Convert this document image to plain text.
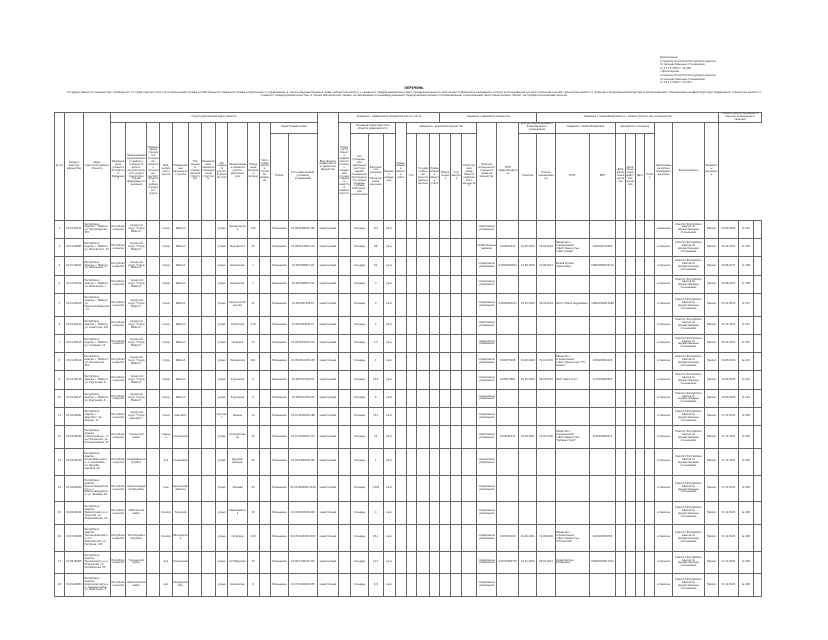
Приложение
к приказу Комитета Республики Адыгея
по имущественным отношениям
от 27.12.2023 г. № 450
«Приложение
к приказу Комитета Республики Адыгея
по имущественным отношениям
от 25.11.2019 г. № 347»
ПЕРЕЧЕНЬ
государственного имущества, свободного от прав третьих лиц (за исключением права хозяйственного ведения, права оперативного управления, а также имущественных прав субъектов малого и среднего предпринимательства), предназначенного для предоставления во владение и (или) в пользование на долгосрочной основе субъектам малого и среднего предпринимательства и организациям, образующим инфраструктуру поддержки субъектов малого и среднего предпринимательства, а также физическим лицам, не являющимся индивидуальными предпринимателями и применяющим специальный налоговый режим «Налог на профессиональный доход»
№ п/п	Номер в реестре имущества	Адрес (местоположение) объекта	Структурированный адрес объекта													Вид объекта недвижимости; движимое имущество	Сведения о недвижимом имуществе или его части								Сведения о движимом имуществе						Сведения о правообладателях и о правах третьих лиц на имущество										Указать одно из значений: в перечне (изменениях в перечни)		
			Наименование субъекта Российской Федерации	Наименование муниципального района / городского округа / внутригородского округа территории города федерального значения	Наименование городского поселения / сельского поселения / внутригородского района городского округа	Вид населенного пункта	Наименование населенного пункта	Тип элемента планировочной структуры	Наименование элемента планировочной структуры	Тип элемента улично-дорожной сети	Наименование элемента улично-дорожной сети	Номер дома (включая литеру)	Тип и номер корпуса, строения, владения	Кадастровый номер			Номер части объекта недвижимости согласно сведениям государственного кадастра недвижимости	Основная характеристика объекта недвижимости			Наименование объекта учета	Сведения о движимом имуществе						Наличие ограниченного вещного права на имущество	ИНН правообладателя	Для договоров аренды и безвозмездного пользования		Сведения о правообладателе		Документы основание				Наименование органа, принявшего документ	Вид документа	Реквизиты документа			
														Номер	Тип (кадастровый, условный, устаревший)			Тип (площадь - для земельных участков, зданий, помещений; протяженность, объем, площадь, глубина залегания - для сооружений)	Фактическое значение / Проектируемое значение	Единица измерения		Тип	Государственный регистрационный знак	Наименование объекта учета	Марка, модель	Год выпуска	Кадастровый номер объекта недвижимого имущества			Наличие	Полное наименование	ОГРН	ИНН	Дата заключения договора	Дата окончания действия договора	Дата	Номер						
1	01:01-00131	Республика Адыгея, г. Майкоп, ул. Пролетарская, 315	Республика Адыгея	городской округ "Город Майкоп"		город	Майкоп			улица	Пролетарская	315		Помещение	01:08:0509045:205	кадастровый		площадь	172	кв.м								оперативное управление										изменения	Комитет Республики Адыгея по имущественным отношениям	Приказ	24.03.2020	№ 241	
2	01:01-00093	Республика Адыгея, г. Майкоп, ул. Жуковского, 52	Республика Адыгея	городской округ "Город Майкоп"		город	Майкоп			улица	Жуковского	52		Помещение	01:08:0512001:121	кадастровый		площадь	98	кв.м								хозяйственное ведение	0105020412	01.05.2019	30.04.2024	Общество с ограниченной ответственностью "Адыг-Альфа"	1020100712053					в перечне	Комитет Республики Адыгея по имущественным отношениям	Приказ	19.12.2016	№ 354	
3	01:01-00101	Республика Адыгея, г. Майкоп, ул. Шовгенова, 7	Республика Адыгея	городской округ "Город Майкоп"		город	Майкоп			улица	Шовгенова	7		Помещение	01:08:0508011:45	кадастровый		площадь	61	кв.м								оперативное управление	010500467821	15.08.2019	14.08.2024	Бжаев Руслан Азаматович	318010500045112					в перечне	Комитет Республики Адыгея по имущественным отношениям	Приказ	30.06.2017	№ 198	
4	01:01-00102	Республика Адыгея, г. Майкоп, ул. Шовгенова, 7	Республика Адыгея	городской округ "Город Майкоп"		город	Майкоп			улица	Шовгенова	7		Помещение	01:08:0508011:46	кадастровый		площадь	3	кв.м								оперативное управление										в перечне	Комитет Республики Адыгея по имущественным отношениям	Приказ	30.06.2017	№ 198	
5	01:01-00108	Республика Адыгея, г. Майкоп, ул. Краснооктябрьская, 21	Республика Адыгея	городской округ "Город Майкоп"		город	Майкоп			улица	Краснооктябрьская	21		Помещение	01:08:0507028:87	кадастровый		площадь	9	кв.м								оперативное управление	010502893411	01.10.2019	30.09.2024	Хатит Лилия Заурбиевна	319010500012984					в перечне	Комитет Республики Адыгея по имущественным отношениям	Приказ	25.11.2019	№ 347	
6	01:01-00112	Республика Адыгея, г. Майкоп, ул. Советская, 176	Республика Адыгея	городской округ "Город Майкоп"		город	Майкоп			улица	Советская	176		Помещение	01:08:0504036:73	кадастровый		площадь	2	кв.м								оперативное управление										в перечне	Комитет Республики Адыгея по имущественным отношениям	Приказ	25.11.2019	№ 347	
7	01:01-00115	Республика Адыгея, г. Майкоп, ул. Гагарина, 13	Республика Адыгея	городской округ "Город Майкоп"		город	Майкоп			улица	Гагарина	13		Помещение	01:08:0507011:212	кадастровый		площадь	1,5	кв.м								оперативное управление										в перечне	Комитет Республики Адыгея по имущественным отношениям	Приказ	25.11.2019	№ 347	
8	01:01-00120	Республика Адыгея, г. Майкоп, ул. Пионерская, 401	Республика Адыгея	городской округ "Город Майкоп"		город	Майкоп			улица	Пионерская	401		Помещение	01:08:0512015:130	кадастровый		площадь	1	кв.м								оперативное управление	0105073918	01.02.2020	31.01.2025	Общество с ограниченной ответственностью "Юг-Сервис"	1150105001232					в перечне	Комитет Республики Адыгея по имущественным отношениям	Приказ	24.03.2020	№ 241	
9	01:01-00125	Республика Адыгея, г. Майкоп, ул. Курганная, 6	Республика Адыгея	городской округ "Город Майкоп"		город	Майкоп			улица	Курганная	6		Помещение	01:08:0517010:95	кадастровый		площадь	12,6	кв.м								оперативное управление	0105079802	10.03.2020	09.03.2025	ООО "Адыг-Агро"	1170105002615					в перечне	Комитет Республики Адыгея по имущественным отношениям	Приказ	24.03.2020	№ 241	
10	01:01-00127	Республика Адыгея, г. Майкоп, ул. Курганная, 6	Республика Адыгея	городской округ "Город Майкоп"		город	Майкоп			улица	Курганная	6		Помещение	01:08:0517010:96	кадастровый		площадь	8	кв.м								оперативное управление										в перечне	Комитет Республики Адыгея по имущественным отношениям	Приказ	24.03.2020	№ 241	
11	01:02-00021	Республика Адыгея, г. Адыгейск, пр. Ленина, 12	Республика Адыгея	городской округ "Город Адыгейск"		город	Адыгейск			проспект	Ленина	12		Помещение	01:01:0500012:188	кадастровый		площадь	74,1	кв.м								оперативное управление										в перечне	Комитет Республики Адыгея по имущественным отношениям	Приказ	27.12.2023	№ 450	
12	01:03-00044	Республика Адыгея, Гиагинский р-н, ст-ца Гиагинская, ул. Кооперативная, 35	Республика Адыгея	Гиагинский район		станица	Гиагинская			улица	Кооперативная	35		Помещение	01:01:0500031:277	кадастровый		площадь	14	кв.м								оперативное управление	0105065123	01.06.2021	31.05.2026	Общество с ограниченной ответственностью "Кубань-Строй"	1120105000477					в перечне	Комитет Республики Адыгея по имущественным отношениям	Приказ	27.12.2023	№ 450	
13	01:04-00019	Республика Адыгея, Кошехабльский р-н, а. Кошехабль, ул. Дружбы народов, 56	Республика Адыгея	Кошехабльский район		аул	Кошехабль			улица	Дружбы народов	56		Помещение	01:04:0400028:316	кадастровый		площадь	1	кв.м								оперативное управление										в перечне	Комитет Республики Адыгея по имущественным отношениям	Приказ	27.12.2023	№ 450	
14	01:05-00030	Республика Адыгея, Красногвардейский р-н, с. Красногвардейское, ул. Чапаева, 93	Республика Адыгея	Красногвардейский район		село	Красногвардейское			улица	Чапаева	93		Помещение	01:03:0000000:1120	кадастровый		площадь	1 000	кв.м								оперативное управление										в перечне	Комитет Республики Адыгея по имущественным отношениям	Приказ	27.12.2023	№ 450	
15	01:06-00011	Республика Адыгея, Майкопский р-н, п. Тульский, ул. Первомайская, 25	Республика Адыгея	Майкопский район		поселок	Тульский			улица	Первомайская	25		Помещение	01:04:5903016:204	кадастровый		площадь	4	кв.м								оперативное управление										в перечне	Комитет Республики Адыгея по имущественным отношениям	Приказ	27.12.2023	№ 450	
16	01:07-00008	Республика Адыгея, Тахтамукайский р-н, пгт. Яблоновский, ул. Гагарина, 140	Республика Адыгея	Тахтамукайский район		поселок	Яблоновский			улица	Гагарина	140		Помещение	01:05:0200150:1032	кадастровый		площадь	23,1	кв.м								оперативное управление	0107031220	01.09.2021	31.08.2026	Общество с ограниченной ответственностью "Югтехснаб"	1160105050793					в перечне	Комитет Республики Адыгея по имущественным отношениям	Приказ	27.12.2023	№ 450	
17	01:08-00005	Республика Адыгея, Теучежский р-н, а. Понежукай, ул. Октябрьская, 33	Республика Адыгея	Теучежский район		аул	Понежукай			улица	Октябрьская	33		Помещение	01:06:2700015:401	кадастровый		площадь	11,7	кв.м								оперативное управление	010701982733	10.01.2022	09.01.2027	Хуаде Бислан Русланович	320010500011572					в перечне	Комитет Республики Адыгея по имущественным отношениям	Приказ	27.12.2023	№ 450	
18	01:09-00003	Республика Адыгея, Шовгеновский р-н, а. Хакуринохабль, ул. Шовгенова, 9	Республика Адыгея	Шовгеновский район		аул	Хакуринохабль			улица	Шовгенова	9		Помещение	01:07:3100029:255	кадастровый		площадь	6,8	кв.м								оперативное управление										в перечне	Комитет Республики Адыгея по имущественным отношениям	Приказ	27.12.2023	№ 450	
